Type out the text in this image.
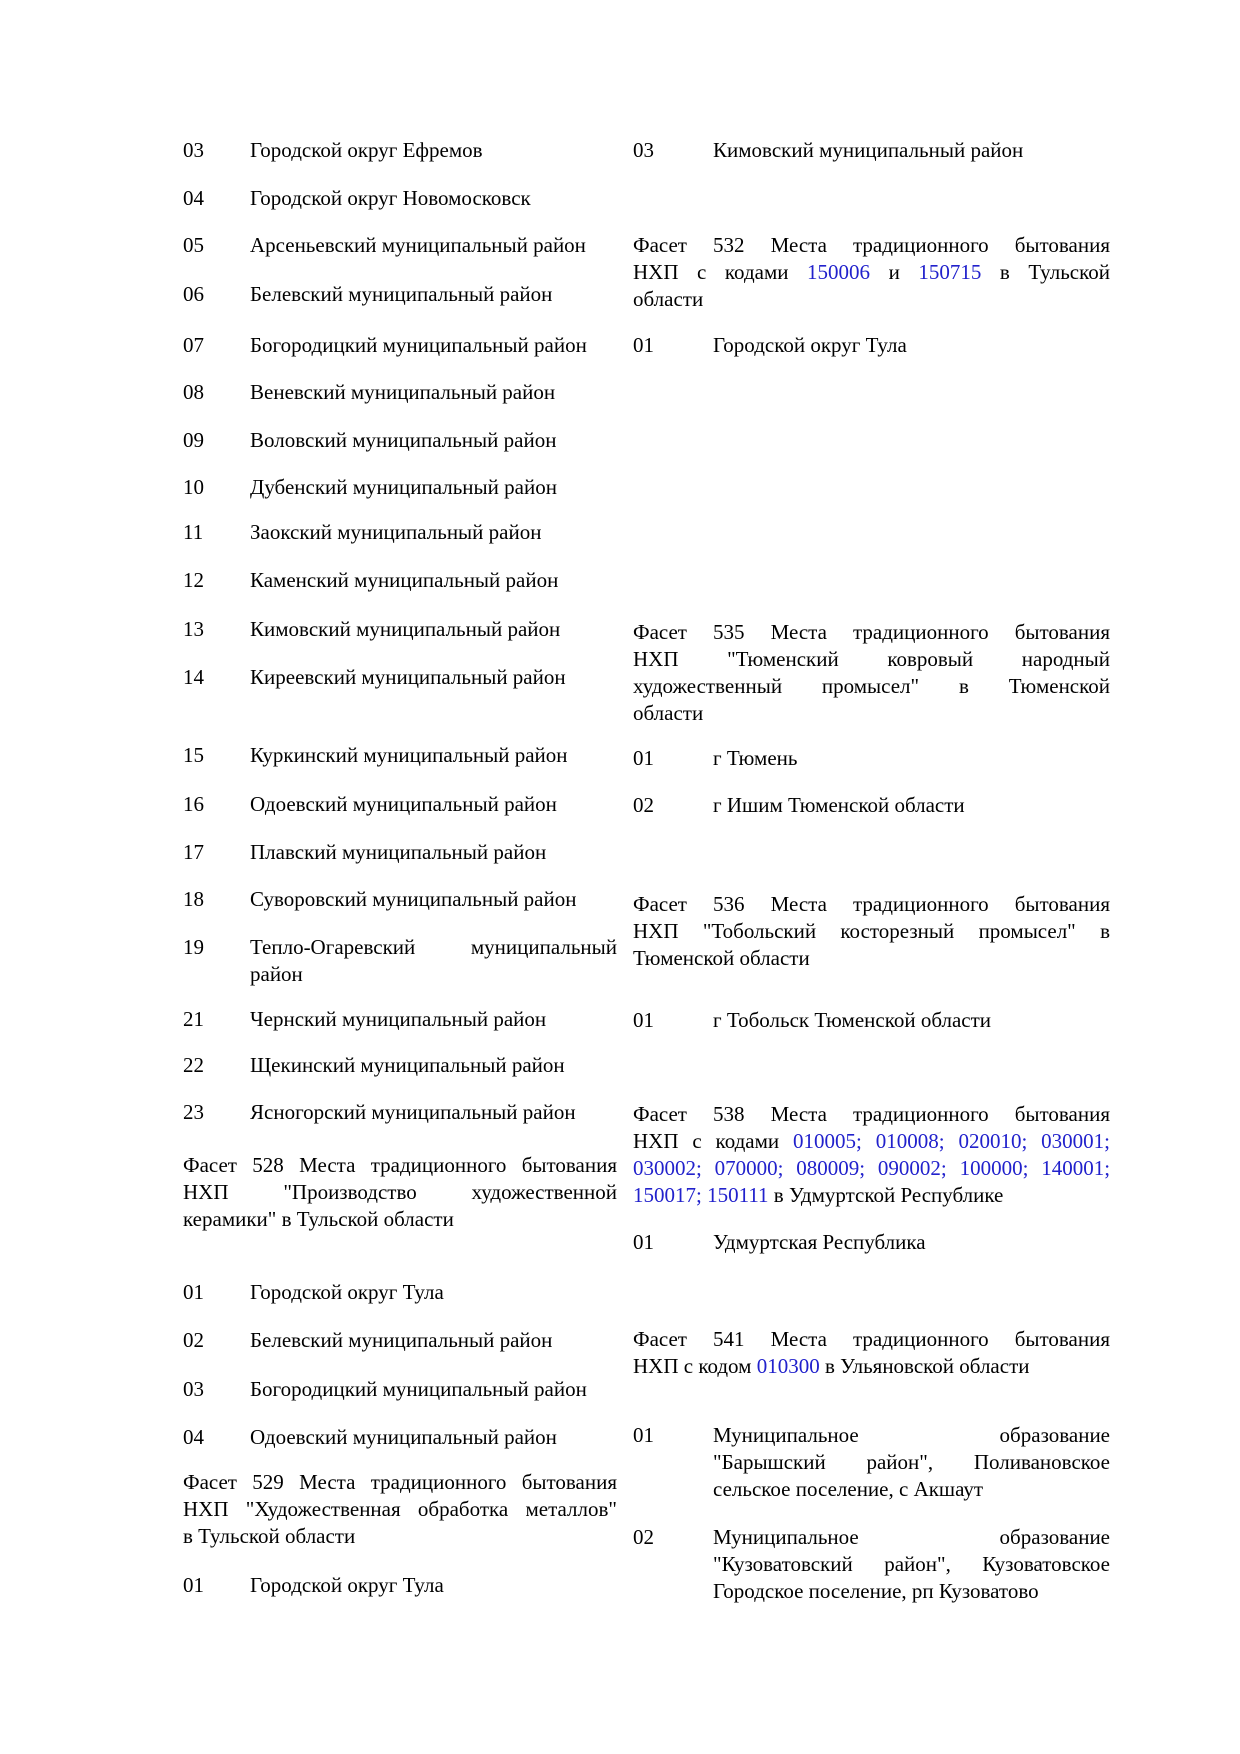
03	Городской округ Ефремов
04	Городской округ Новомосковск
05	Арсеньевский муниципальный район
06	Белевский муниципальный район
07	Богородицкий муниципальный район
08	Веневский муниципальный район
09	Воловский муниципальный район
10	Дубенский муниципальный район
11	Заокский муниципальный район
12	Каменский муниципальный район
13	Кимовский муниципальный район
14	Киреевский муниципальный район
15	Куркинский муниципальный район
16	Одоевский муниципальный район
17	Плавский муниципальный район
18	Суворовский муниципальный район
19	Тепло-Огаревский муниципальный
район
21	Чернский муниципальный район
22	Щекинский муниципальный район
23	Ясногорский муниципальный район
Фасет 528 Места традиционного бытования
НХП "Производство художественной
керамики" в Тульской области
01	Городской округ Тула
02	Белевский муниципальный район
03	Богородицкий муниципальный район
04	Одоевский муниципальный район
Фасет 529 Места традиционного бытования
НХП "Художественная обработка металлов"
в Тульской области
01	Городской округ Тула
03	Кимовский муниципальный район
Фасет 532 Места традиционного бытования
НХП с кодами 150006 и 150715 в Тульской
области
01	Городской округ Тула
Фасет 535 Места традиционного бытования
НХП "Тюменский ковровый народный
художественный промысел" в Тюменской
области
01	г Тюмень
02	г Ишим Тюменской области
Фасет 536 Места традиционного бытования
НХП "Тобольский косторезный промысел" в
Тюменской области
01	г Тобольск Тюменской области
Фасет 538 Места традиционного бытования
НХП с кодами 010005; 010008; 020010; 030001;
030002; 070000; 080009; 090002; 100000; 140001;
150017; 150111 в Удмуртской Республике
01	Удмуртская Республика
Фасет 541 Места традиционного бытования
НХП с кодом 010300 в Ульяновской области
01	Муниципальное образование
"Барышский район", Поливановское
сельское поселение, с Акшаут
02	Муниципальное образование
"Кузоватовский район", Кузоватовское
Городское поселение, рп Кузоватово
